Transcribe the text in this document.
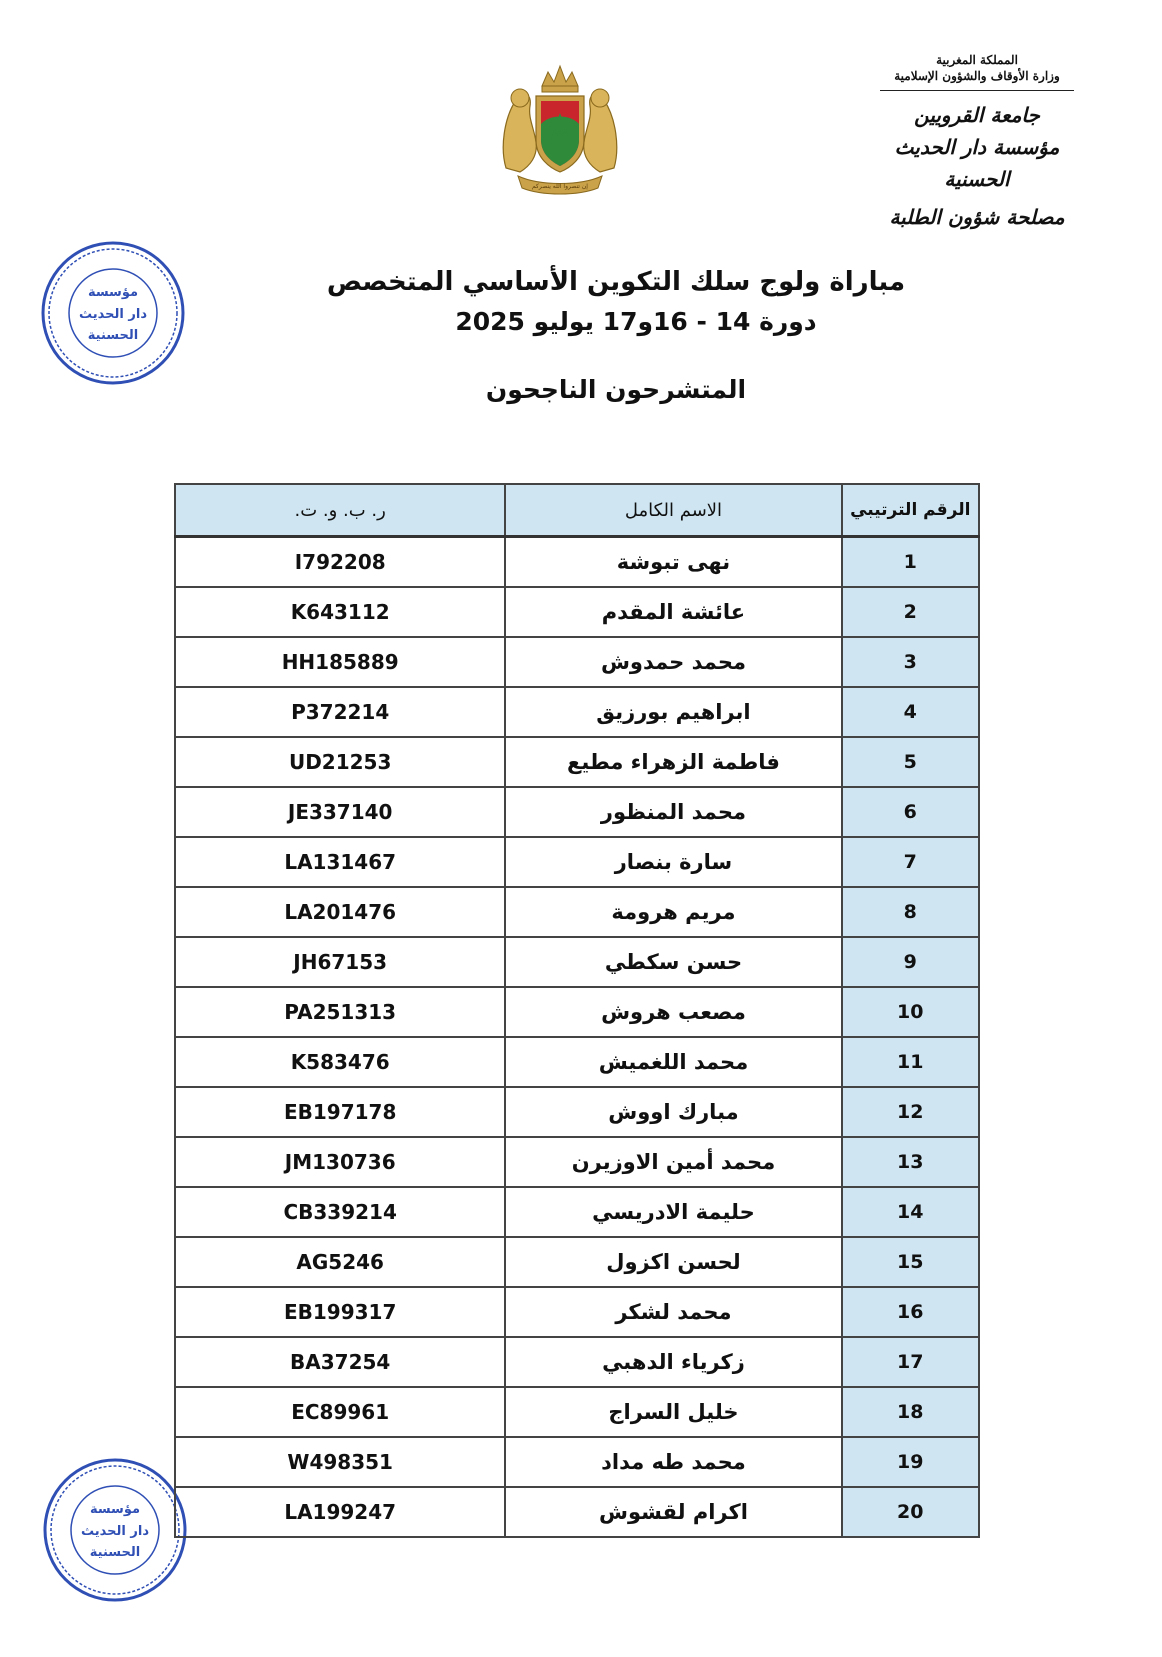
المملكة المغربية
وزارة الأوقاف والشؤون الإسلامية
جامعة القرويين
مؤسسة دار الحديث الحسنية
مصلحة شؤون الطلبة
إن تنصروا الله ينصركم
مؤسسة
دار الحديث
الحسنية
مؤسسة
دار الحديث
الحسنية
مباراة ولوج سلك التكوين الأساسي المتخصص
دورة 14 - 16و17 يوليو 2025
المتشرحون الناجحون
الرقم الترتيبي	الاسم الكامل	ر. ب. و. ت.
1	نهى تبوشة	I792208
2	عائشة المقدم	K643112
3	محمد حمدوش	HH185889
4	ابراهيم بورزيق	P372214
5	فاطمة الزهراء مطيع	UD21253
6	محمد المنظور	JE337140
7	سارة بنصار	LA131467
8	مريم هرومة	LA201476
9	حسن سكطي	JH67153
10	مصعب هروش	PA251313
11	محمد اللغميش	K583476
12	مبارك اووش	EB197178
13	محمد أمين الاوزيرن	JM130736
14	حليمة الادريسي	CB339214
15	لحسن اكزول	AG5246
16	محمد لشكر	EB199317
17	زكرياء الدهبي	BA37254
18	خليل السراج	EC89961
19	محمد طه مداد	W498351
20	اكرام لقشوش	LA199247
